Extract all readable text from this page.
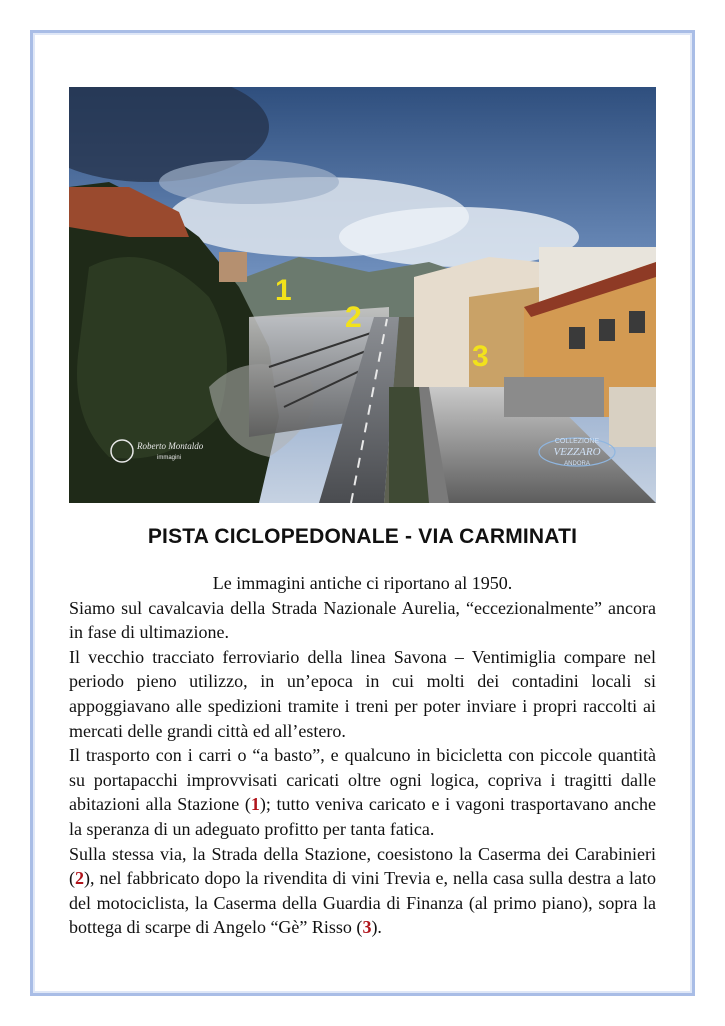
1
2
3
Roberto Montaldo
immagini
COLLEZIONE
VEZZARO
ANDORA
PISTA CICLOPEDONALE - VIA CARMINATI

Le immagini antiche ci riportano al 1950.

Siamo sul cavalcavia della Strada Nazionale Aurelia, “eccezionalmente” ancora in fase di ultimazione.

Il vecchio tracciato ferroviario della linea Savona – Ventimiglia compare nel periodo pieno utilizzo, in un’epoca in cui molti dei contadini locali si appoggiavano alle spedizioni tramite i treni per poter inviare i propri raccolti ai mercati delle grandi città ed all’estero.

Il trasporto con i carri o “a basto”, e qualcuno in bicicletta con piccole quantità su portapacchi improvvisati caricati oltre ogni logica, copriva i tragitti dalle abitazioni alla Stazione (1); tutto veniva caricato e i vagoni trasportavano anche la speranza di un adeguato profitto per tanta fatica.

Sulla stessa via, la Strada della Stazione, coesistono la Caserma dei Carabinieri (2), nel fabbricato dopo la rivendita di vini Trevia e, nella casa sulla destra a lato del motociclista, la Caserma della Guardia di Finanza (al primo piano), sopra la bottega di scarpe di Angelo “Gè” Risso (3).
